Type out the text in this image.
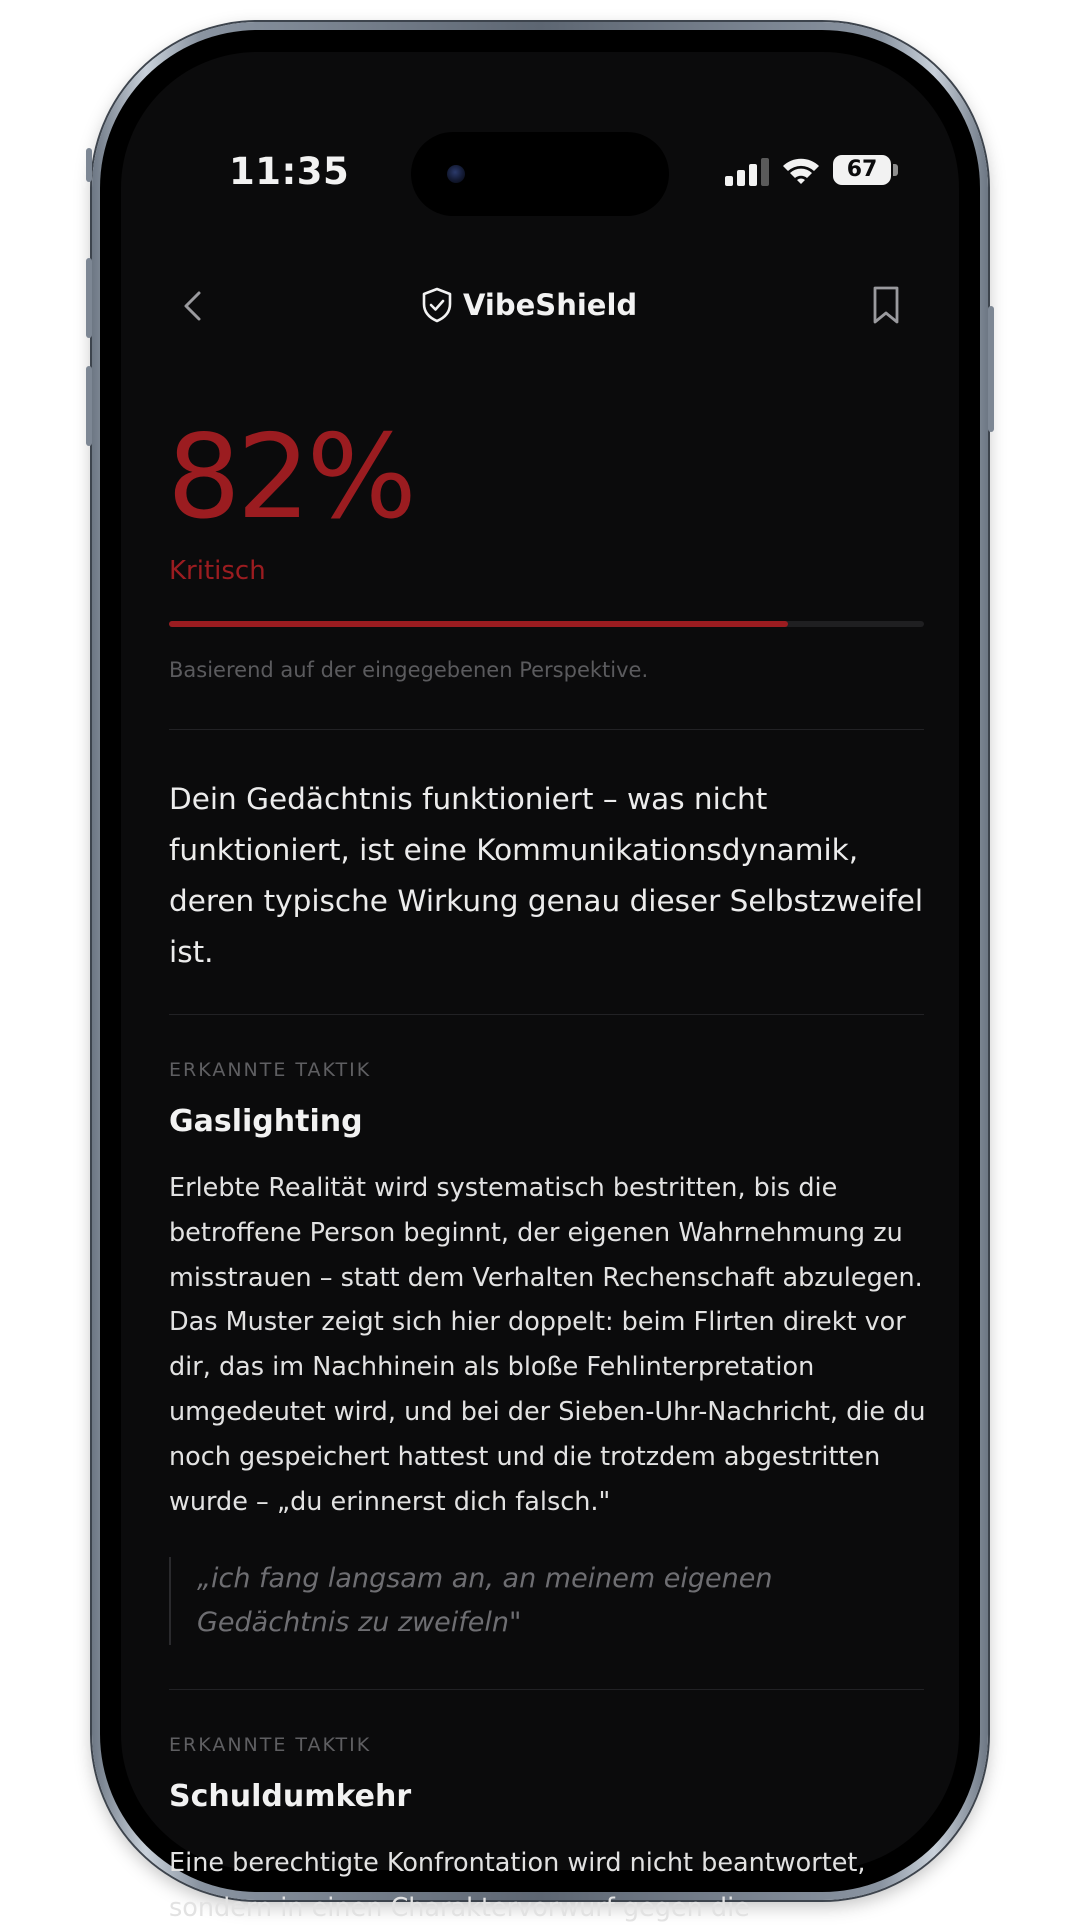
11:35	67
VibeShield
82%
Kritisch
Basierend auf der eingegebenen Perspektive.
Dein Gedächtnis funktioniert – was nicht funktioniert, ist eine Kommunikationsdynamik, deren typische Wirkung genau dieser Selbstzweifel ist.
ERKANNTE TAKTIK
Gaslighting
Erlebte Realität wird systematisch bestritten, bis die betroffene Person beginnt, der eigenen Wahrnehmung zu misstrauen – statt dem Verhalten Rechenschaft abzulegen. Das Muster zeigt sich hier doppelt: beim Flirten direkt vor dir, das im Nachhinein als bloße Fehlinterpretation umgedeutet wird, und bei der Sieben-Uhr-Nachricht, die du noch gespeichert hattest und die trotzdem abgestritten wurde – „du erinnerst dich falsch."
„ich fang langsam an, an meinem eigenen Gedächtnis zu zweifeln"
ERKANNTE TAKTIK
Schuldumkehr
Eine berechtigte Konfrontation wird nicht beantwortet, sondern in einen Charaktervorwurf gegen die
